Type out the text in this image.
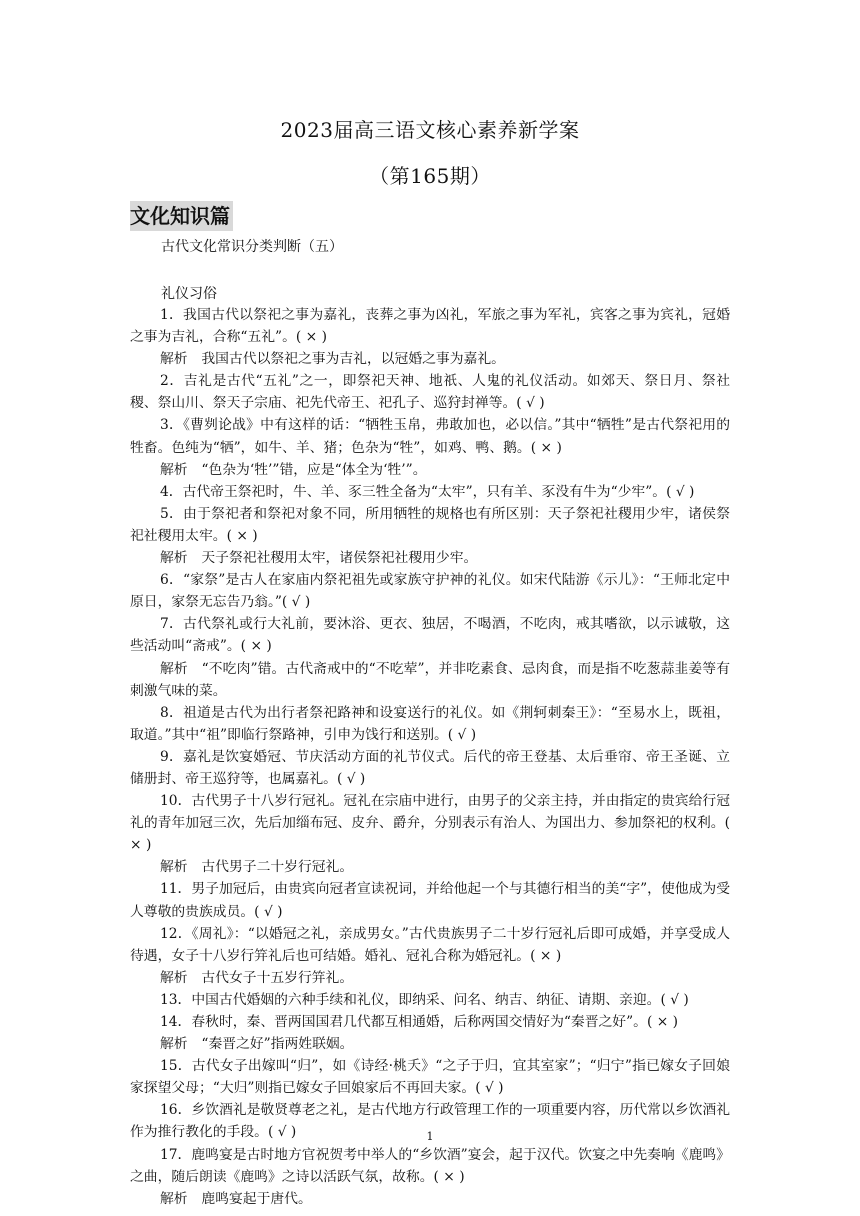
2023届高三语文核心素养新学案
（第165期）
文化知识篇
古代文化常识分类判断（五）
礼仪习俗

1．我国古代以祭祀之事为嘉礼，丧葬之事为凶礼，军旅之事为军礼，宾客之事为宾礼，冠婚之事为吉礼，合称“五礼”。( × )

解析　我国古代以祭祀之事为吉礼，以冠婚之事为嘉礼。

2．吉礼是古代“五礼”之一，即祭祀天神、地祇、人鬼的礼仪活动。如郊天、祭日月、祭社稷、祭山川、祭天子宗庙、祀先代帝王、祀孔子、巡狩封禅等。( √ )

3．《曹刿论战》中有这样的话：“牺牲玉帛，弗敢加也，必以信。”其中“牺牲”是古代祭祀用的牲畜。色纯为“牺”，如牛、羊、猪；色杂为“牲”，如鸡、鸭、鹅。( × )

解析　“色杂为‘牲’”错，应是“体全为‘牲’”。

4．古代帝王祭祀时，牛、羊、豕三牲全备为“太牢”，只有羊、豕没有牛为“少牢”。( √ )

5．由于祭祀者和祭祀对象不同，所用牺牲的规格也有所区别：天子祭祀社稷用少牢，诸侯祭祀社稷用太牢。( × )

解析　天子祭祀社稷用太牢，诸侯祭祀社稷用少牢。

6．“家祭”是古人在家庙内祭祀祖先或家族守护神的礼仪。如宋代陆游《示儿》：“王师北定中原日，家祭无忘告乃翁。”( √ )

7．古代祭礼或行大礼前，要沐浴、更衣、独居，不喝酒，不吃肉，戒其嗜欲，以示诚敬，这些活动叫“斋戒”。( × )

解析　“不吃肉”错。古代斋戒中的“不吃荤”，并非吃素食、忌肉食，而是指不吃葱蒜韭姜等有刺激气味的菜。

8．祖道是古代为出行者祭祀路神和设宴送行的礼仪。如《荆轲刺秦王》：“至易水上，既祖，取道。”其中“祖”即临行祭路神，引申为饯行和送别。( √ )

9．嘉礼是饮宴婚冠、节庆活动方面的礼节仪式。后代的帝王登基、太后垂帘、帝王圣诞、立储册封、帝王巡狩等，也属嘉礼。( √ )

10．古代男子十八岁行冠礼。冠礼在宗庙中进行，由男子的父亲主持，并由指定的贵宾给行冠礼的青年加冠三次，先后加缁布冠、皮弁、爵弁，分别表示有治人、为国出力、参加祭祀的权利。( × )

解析　古代男子二十岁行冠礼。

11．男子加冠后，由贵宾向冠者宣读祝词，并给他起一个与其德行相当的美“字”，使他成为受人尊敬的贵族成员。( √ )

12．《周礼》：“以婚冠之礼，亲成男女。”古代贵族男子二十岁行冠礼后即可成婚，并享受成人待遇，女子十八岁行笄礼后也可结婚。婚礼、冠礼合称为婚冠礼。( × )

解析　古代女子十五岁行笄礼。

13．中国古代婚姻的六种手续和礼仪，即纳采、问名、纳吉、纳征、请期、亲迎。( √ )

14．春秋时，秦、晋两国国君几代都互相通婚，后称两国交情好为“秦晋之好”。( × )

解析　“秦晋之好”指两姓联姻。

15．古代女子出嫁叫“归”，如《诗经·桃夭》“之子于归，宜其室家”；“归宁”指已嫁女子回娘家探望父母；“大归”则指已嫁女子回娘家后不再回夫家。( √ )

16．乡饮酒礼是敬贤尊老之礼，是古代地方行政管理工作的一项重要内容，历代常以乡饮酒礼作为推行教化的手段。( √ )

17．鹿鸣宴是古时地方官祝贺考中举人的“乡饮酒”宴会，起于汉代。饮宴之中先奏响《鹿鸣》之曲，随后朗读《鹿鸣》之诗以活跃气氛，故称。( × )

解析　鹿鸣宴起于唐代。

1
